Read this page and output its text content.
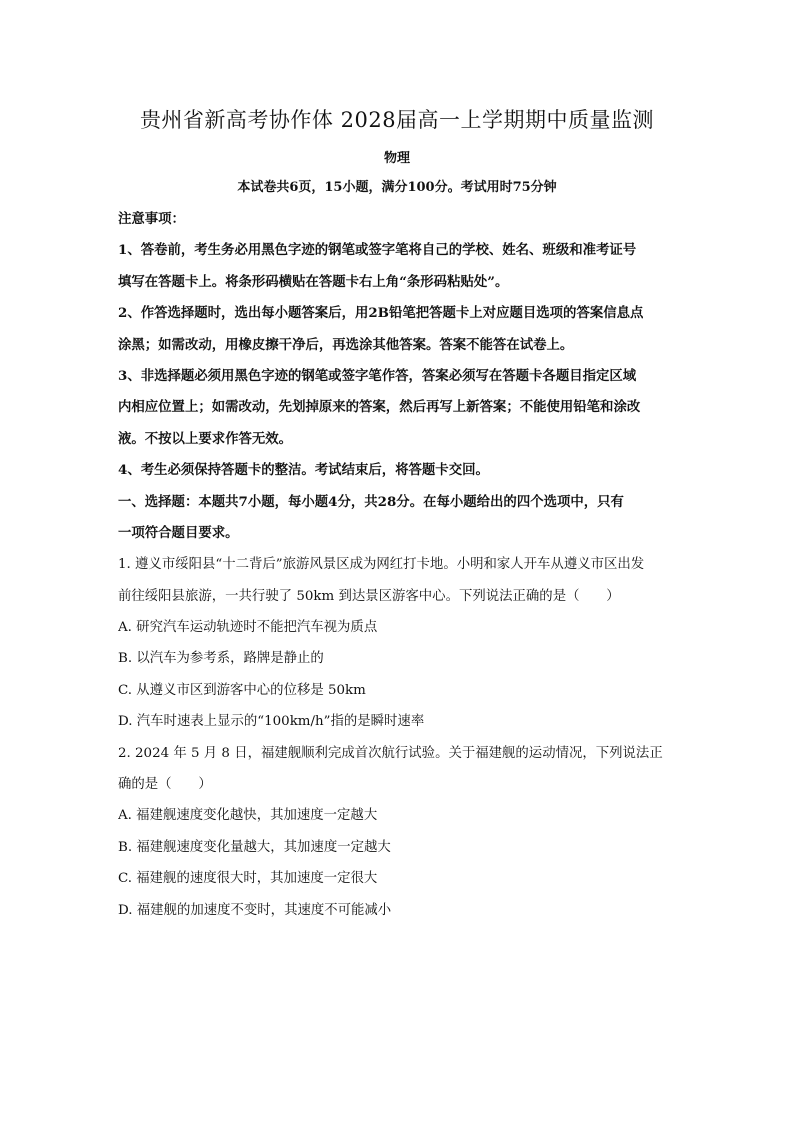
贵州省新高考协作体 2028届高一上学期期中质量监测
物理
本试卷共6页，15小题，满分100分。考试用时75分钟
注意事项：
1、答卷前，考生务必用黑色字迹的钢笔或签字笔将自己的学校、姓名、班级和准考证号
填写在答题卡上。将条形码横贴在答题卡右上角“条形码粘贴处”。
2、作答选择题时，选出每小题答案后，用2B铅笔把答题卡上对应题目选项的答案信息点
涂黑；如需改动，用橡皮擦干净后，再选涂其他答案。答案不能答在试卷上。
3、非选择题必须用黑色字迹的钢笔或签字笔作答，答案必须写在答题卡各题目指定区域
内相应位置上；如需改动，先划掉原来的答案，然后再写上新答案；不能使用铅笔和涂改
液。不按以上要求作答无效。
4、考生必须保持答题卡的整洁。考试结束后，将答题卡交回。
一、选择题：本题共7小题，每小题4分，共28分。在每小题给出的四个选项中，只有
一项符合题目要求。
1. 遵义市绥阳县“十二背后”旅游风景区成为网红打卡地。小明和家人开车从遵义市区出发
前往绥阳县旅游，一共行驶了 50km 到达景区游客中心。下列说法正确的是（　　）
A. 研究汽车运动轨迹时不能把汽车视为质点
B. 以汽车为参考系，路牌是静止的
C. 从遵义市区到游客中心的位移是 50km
D. 汽车时速表上显示的“100km/h”指的是瞬时速率
2. 2024 年 5 月 8 日，福建舰顺利完成首次航行试验。关于福建舰的运动情况，下列说法正
确的是（　　）
A. 福建舰速度变化越快，其加速度一定越大
B. 福建舰速度变化量越大，其加速度一定越大
C. 福建舰的速度很大时，其加速度一定很大
D. 福建舰的加速度不变时，其速度不可能减小
